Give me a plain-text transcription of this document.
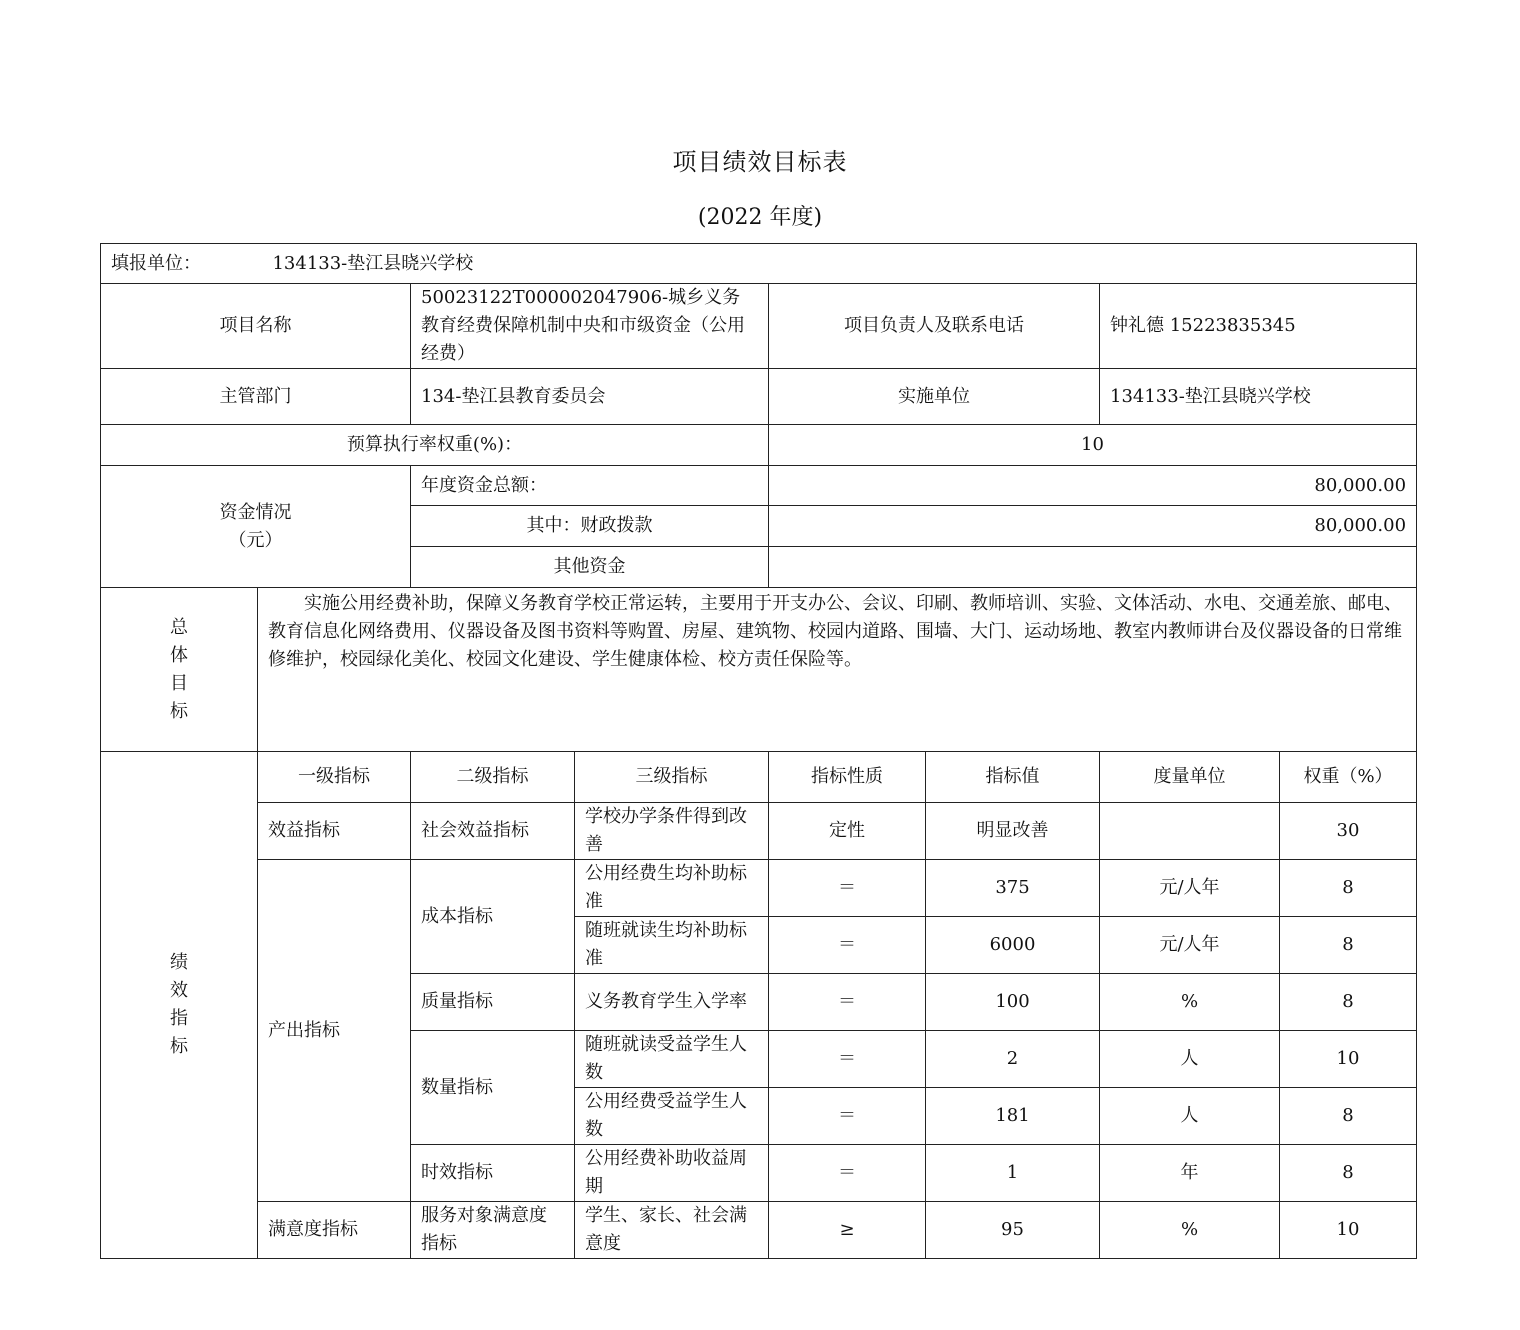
项目绩效目标表
(2022 年度)
填报单位： 134133-垫江县晓兴学校							
项目名称		50023122T000002047906-城乡义务教育经费保障机制中央和市级资金（公用经费）		项目负责人及联系电话		钟礼德 15223835345	
主管部门		134-垫江县教育委员会		实施单位		134133-垫江县晓兴学校	
预算执行率权重(%)：				10			

资金情况
（元）		年度资金总额：		80,000.00			
		其中：财政拨款		80,000.00			
		其他资金					

总
体
目
标	实施公用经费补助，保障义务教育学校正常运转，主要用于开支办公、会议、印刷、教师培训、实验、文体活动、水电、交通差旅、邮电、教育信息化网络费用、仪器设备及图书资料等购置、房屋、建筑物、校园内道路、围墙、大门、运动场地、教室内教师讲台及仪器设备的日常维修维护，校园绿化美化、校园文化建设、学生健康体检、校方责任保险等。						

绩
效
指
标	一级指标	二级指标	三级指标	指标性质	指标值	度量单位	权重（%）
	效益指标	社会效益指标	学校办学条件得到改善	定性	明显改善		30
	产出指标	成本指标	公用经费生均补助标准	＝	375	元/人年	8
			随班就读生均补助标准	＝	6000	元/人年	8
		质量指标	义务教育学生入学率	＝	100	%	8
		数量指标	随班就读受益学生人数	＝	2	人	10
			公用经费受益学生人数	＝	181	人	8
		时效指标	公用经费补助收益周期	＝	1	年	8
	满意度指标	服务对象满意度指标	学生、家长、社会满意度	≥	95	%	10
